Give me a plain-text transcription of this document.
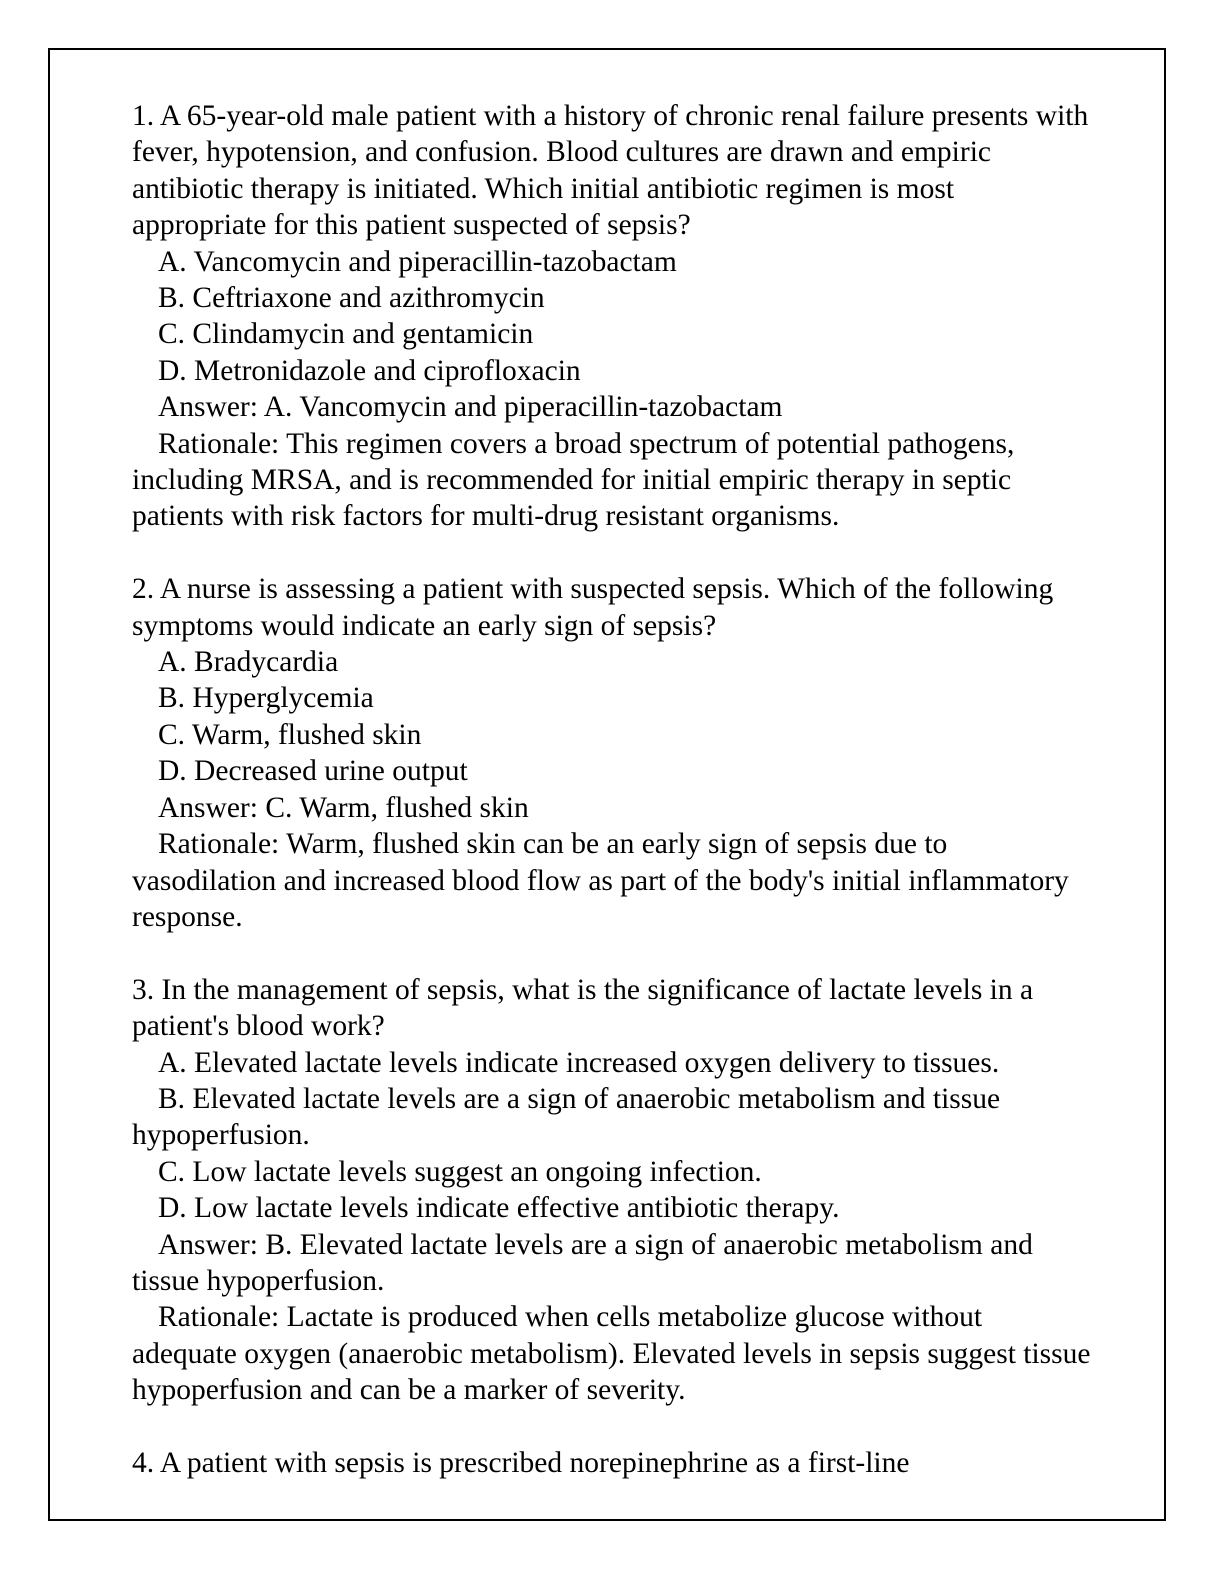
1. A 65-year-old male patient with a history of chronic renal failure presents with fever, hypotension, and confusion. Blood cultures are drawn and empiric antibiotic therapy is initiated. Which initial antibiotic regimen is most appropriate for this patient suspected of sepsis?

A. Vancomycin and piperacillin-tazobactam

B. Ceftriaxone and azithromycin

C. Clindamycin and gentamicin

D. Metronidazole and ciprofloxacin

Answer: A. Vancomycin and piperacillin-tazobactam

Rationale: This regimen covers a broad spectrum of potential pathogens, including MRSA, and is recommended for initial empiric therapy in septic patients with risk factors for multi-drug resistant organisms.

2. A nurse is assessing a patient with suspected sepsis. Which of the following symptoms would indicate an early sign of sepsis?

A. Bradycardia

B. Hyperglycemia

C. Warm, flushed skin

D. Decreased urine output

Answer: C. Warm, flushed skin

Rationale: Warm, flushed skin can be an early sign of sepsis due to vasodilation and increased blood flow as part of the body's initial inflammatory response.

3. In the management of sepsis, what is the significance of lactate levels in a patient's blood work?

A. Elevated lactate levels indicate increased oxygen delivery to tissues.

B. Elevated lactate levels are a sign of anaerobic metabolism and tissue hypoperfusion.

C. Low lactate levels suggest an ongoing infection.

D. Low lactate levels indicate effective antibiotic therapy.

Answer: B. Elevated lactate levels are a sign of anaerobic metabolism and tissue hypoperfusion.

Rationale: Lactate is produced when cells metabolize glucose without adequate oxygen (anaerobic metabolism). Elevated levels in sepsis suggest tissue hypoperfusion and can be a marker of severity.

4. A patient with sepsis is prescribed norepinephrine as a first-line
